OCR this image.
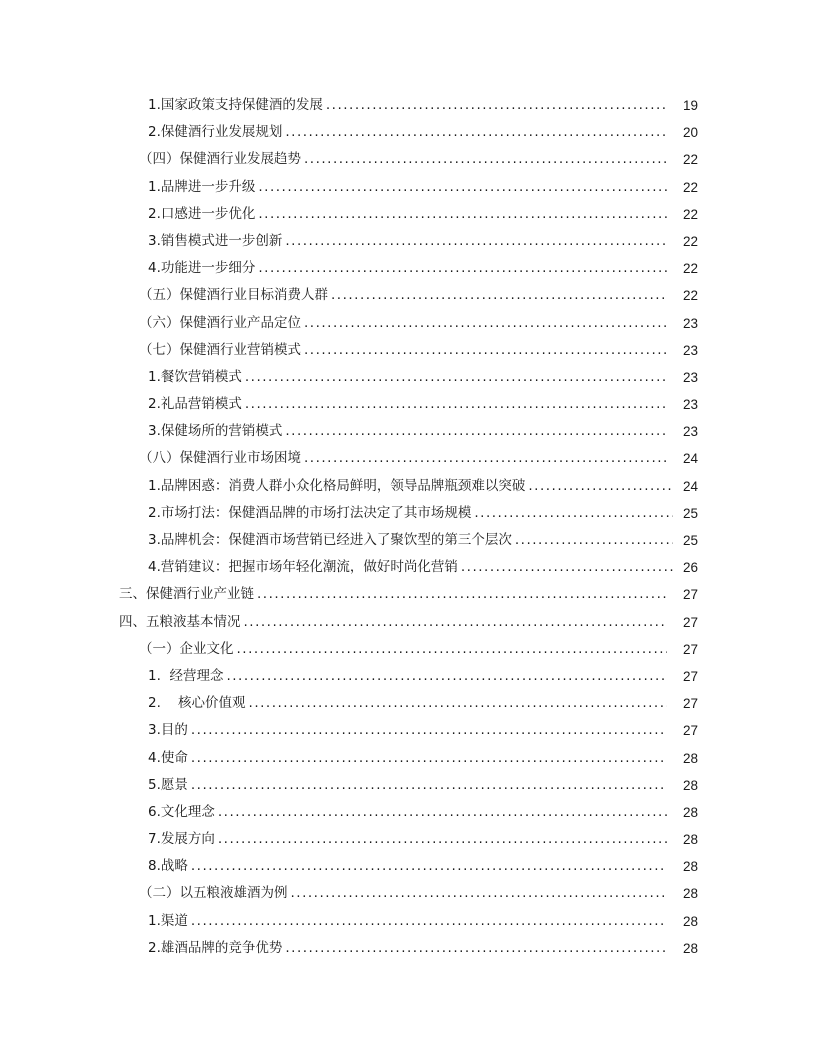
1.国家政策支持保健酒的发展 .....	19
2.保健酒行业发展规划 .....	20
（四）保健酒行业发展趋势 .....	22
1.品牌进一步升级 .....	22
2.口感进一步优化 .....	22
3.销售模式进一步创新 .....	22
4.功能进一步细分 .....	22
（五）保健酒行业目标消费人群 .....	22
（六）保健酒行业产品定位 .....	23
（七）保健酒行业营销模式 .....	23
1.餐饮营销模式 .....	23
2.礼品营销模式 .....	23
3.保健场所的营销模式 .....	23
（八）保健酒行业市场困境 .....	24
1.品牌困惑：消费人群小众化格局鲜明，领导品牌瓶颈难以突破 .....	24
2.市场打法：保健酒品牌的市场打法决定了其市场规模 .....	25
3.品牌机会：保健酒市场营销已经进入了聚饮型的第三个层次 .....	25
4.营销建议：把握市场年轻化潮流，做好时尚化营销 .....	26
三、保健酒行业产业链 .....	27
四、五粮液基本情况 .....	27
（一）企业文化 .....	27
1.  经营理念 .....	27
2.    核心价值观 .....	27
3.目的 .....	27
4.使命 .....	28
5.愿景 .....	28
6.文化理念 .....	28
7.发展方向 .....	28
8.战略 .....	28
（二）以五粮液雄酒为例 .....	28
1.渠道 .....	28
2.雄酒品牌的竞争优势 .....	28
